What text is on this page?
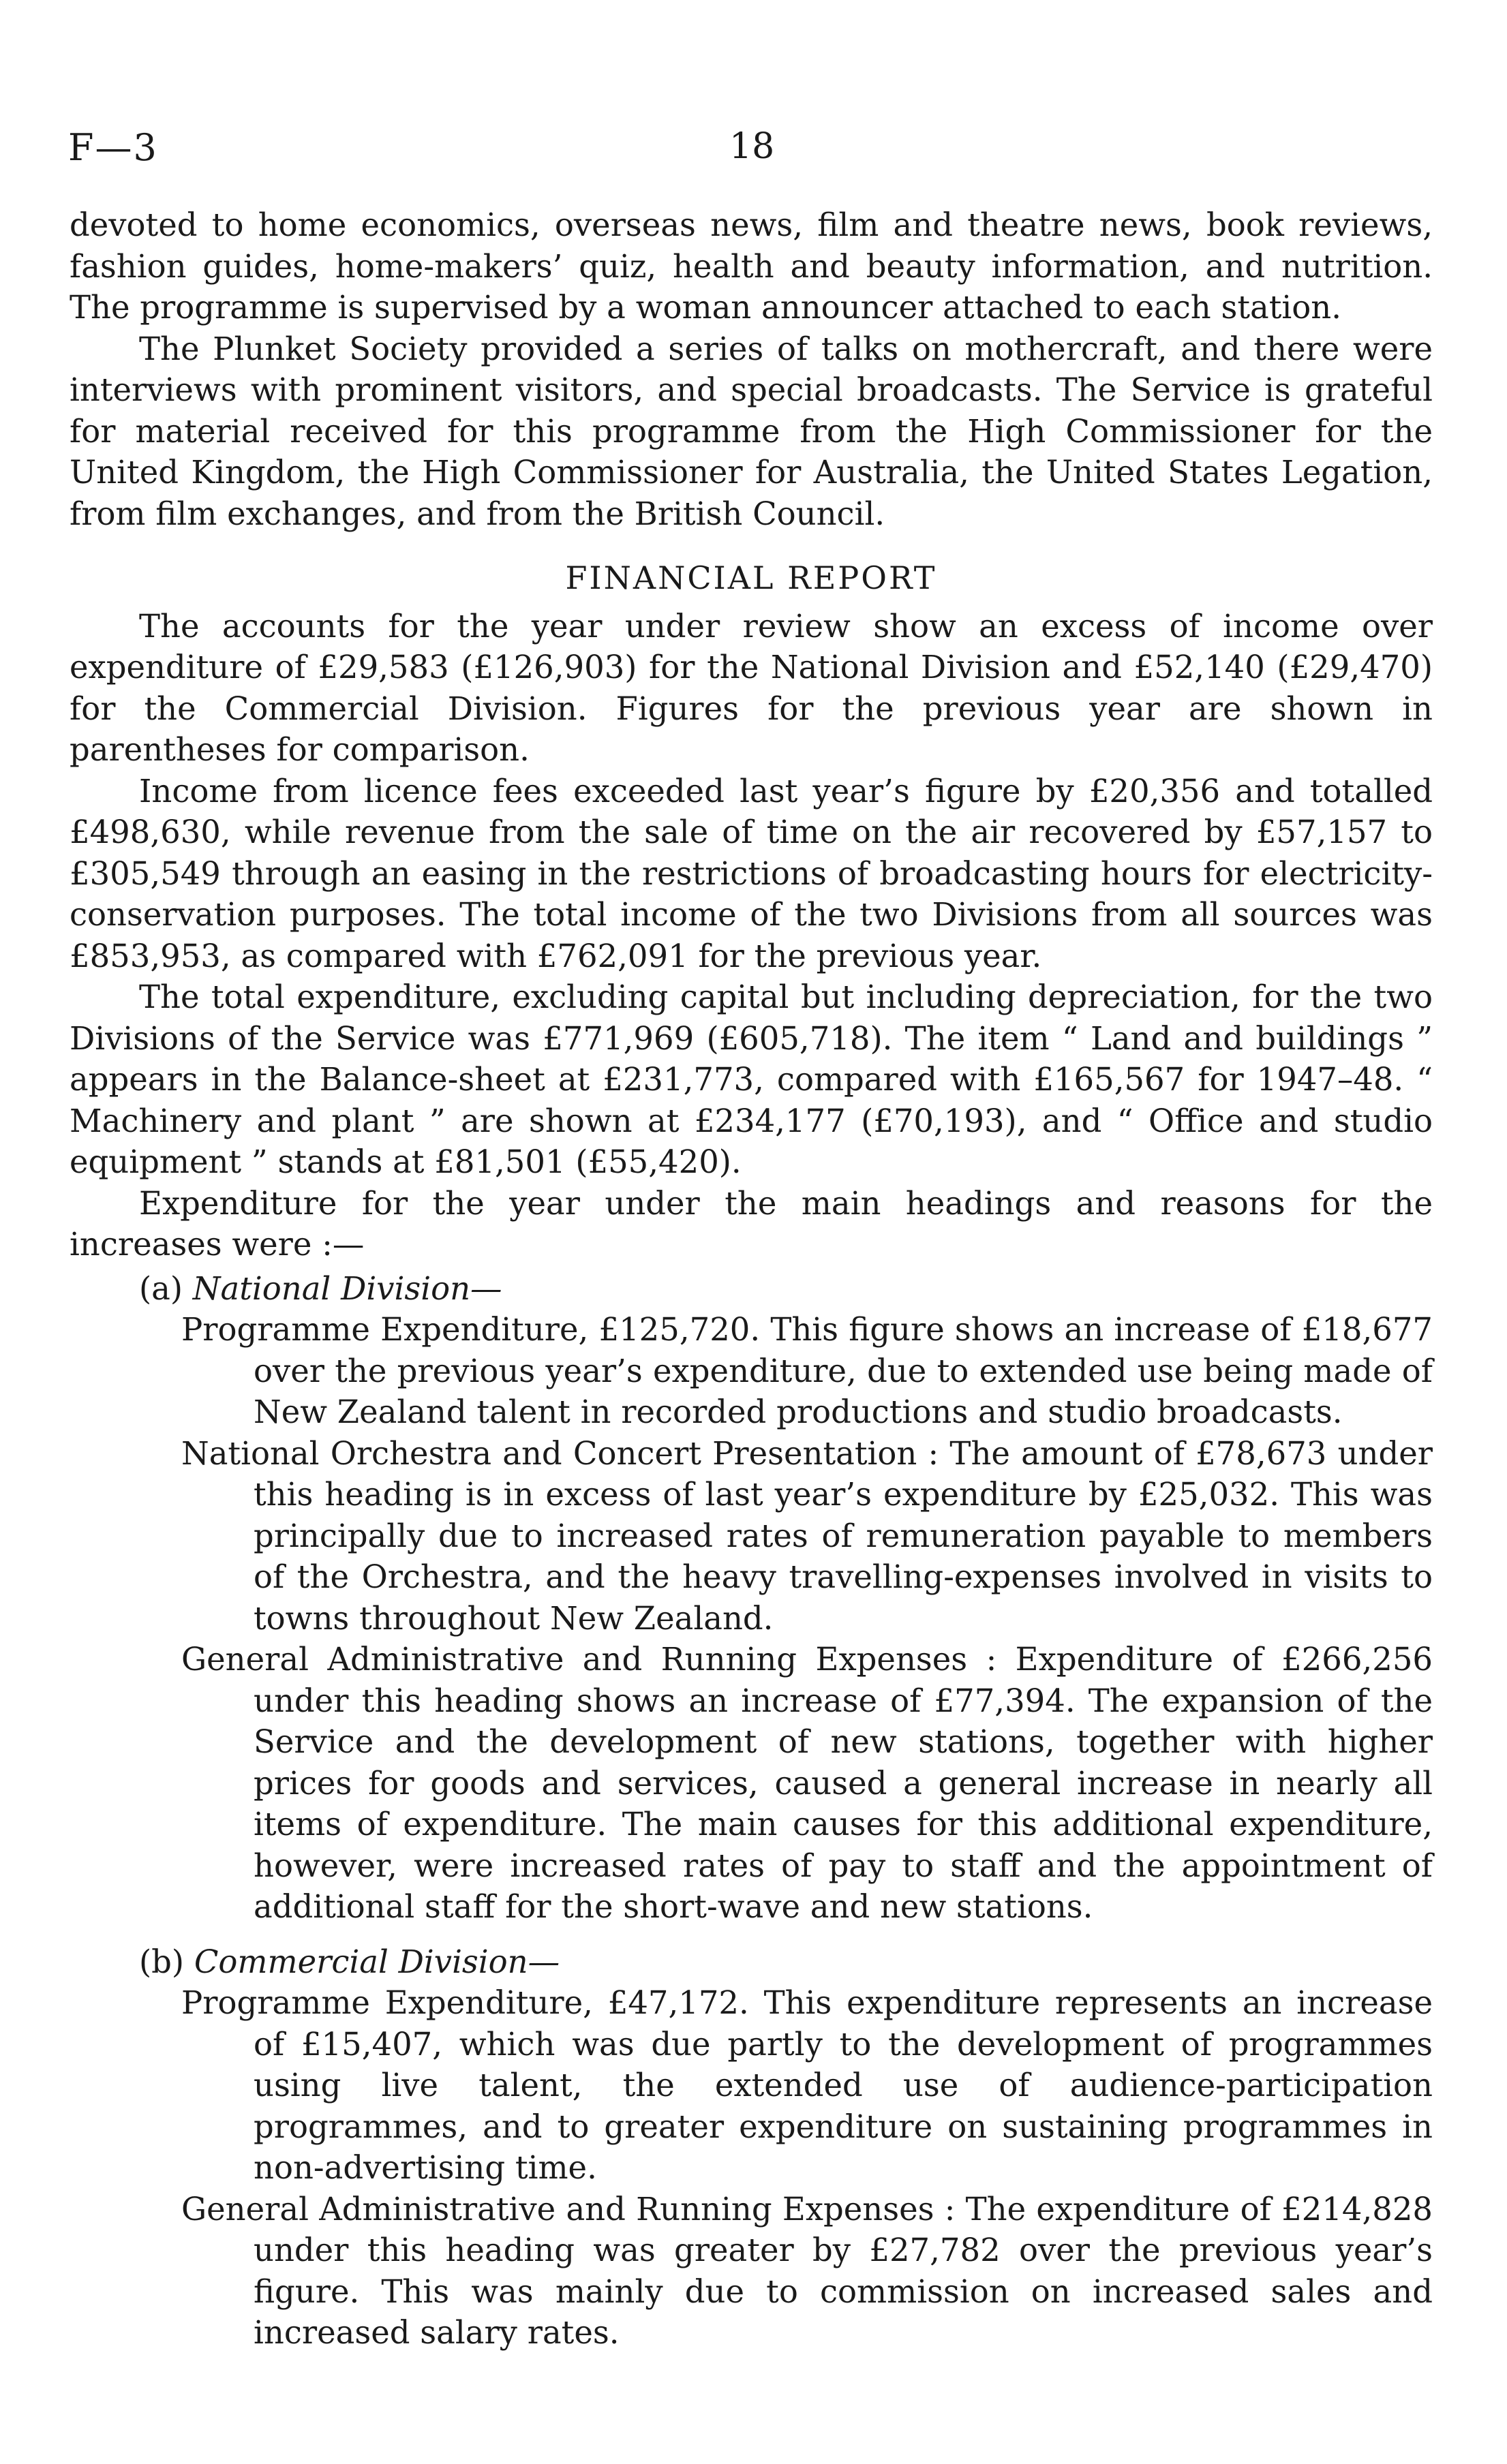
F—3	18

devoted to home economics, overseas news, film and theatre news, book reviews, fashion guides, home-makers’ quiz, health and beauty information, and nutrition. The programme is supervised by a woman announcer attached to each station.

The Plunket Society provided a series of talks on mothercraft, and there were interviews with prominent visitors, and special broadcasts. The Service is grateful for material received for this programme from the High Commissioner for the United Kingdom, the High Commissioner for Australia, the United States Legation, from film exchanges, and from the British Council.

FINANCIAL REPORT

The accounts for the year under review show an excess of income over expenditure of £29,583 (£126,903) for the National Division and £52,140 (£29,470) for the Commercial Division. Figures for the previous year are shown in parentheses for comparison.

Income from licence fees exceeded last year’s figure by £20,356 and totalled £498,630, while revenue from the sale of time on the air recovered by £57,157 to £305,549 through an easing in the restrictions of broadcasting hours for electricity-conservation purposes. The total income of the two Divisions from all sources was £853,953, as compared with £762,091 for the previous year.

The total expenditure, excluding capital but including depreciation, for the two Divisions of the Service was £771,969 (£605,718). The item “ Land and buildings ” appears in the Balance-sheet at £231,773, compared with £165,567 for 1947–48. “ Machinery and plant ” are shown at £234,177 (£70,193), and “ Office and studio equipment ” stands at £81,501 (£55,420).

Expenditure for the year under the main headings and reasons for the increases were :—

(a) National Division—

Programme Expenditure, £125,720. This figure shows an increase of £18,677 over the previous year’s expenditure, due to extended use being made of New Zealand talent in recorded productions and studio broadcasts.

National Orchestra and Concert Presentation : The amount of £78,673 under this heading is in excess of last year’s expenditure by £25,032. This was principally due to increased rates of remuneration payable to members of the Orchestra, and the heavy travelling-expenses involved in visits to towns throughout New Zealand.

General Administrative and Running Expenses : Expenditure of £266,256 under this heading shows an increase of £77,394. The expansion of the Service and the development of new stations, together with higher prices for goods and services, caused a general increase in nearly all items of expenditure. The main causes for this additional expenditure, however, were increased rates of pay to staff and the appointment of additional staff for the short-wave and new stations.

(b) Commercial Division—

Programme Expenditure, £47,172. This expenditure represents an increase of £15,407, which was due partly to the development of programmes using live talent, the extended use of audience-participation programmes, and to greater expenditure on sustaining programmes in non-advertising time.

General Administrative and Running Expenses : The expenditure of £214,828 under this heading was greater by £27,782 over the previous year’s figure. This was mainly due to commission on increased sales and increased salary rates.
